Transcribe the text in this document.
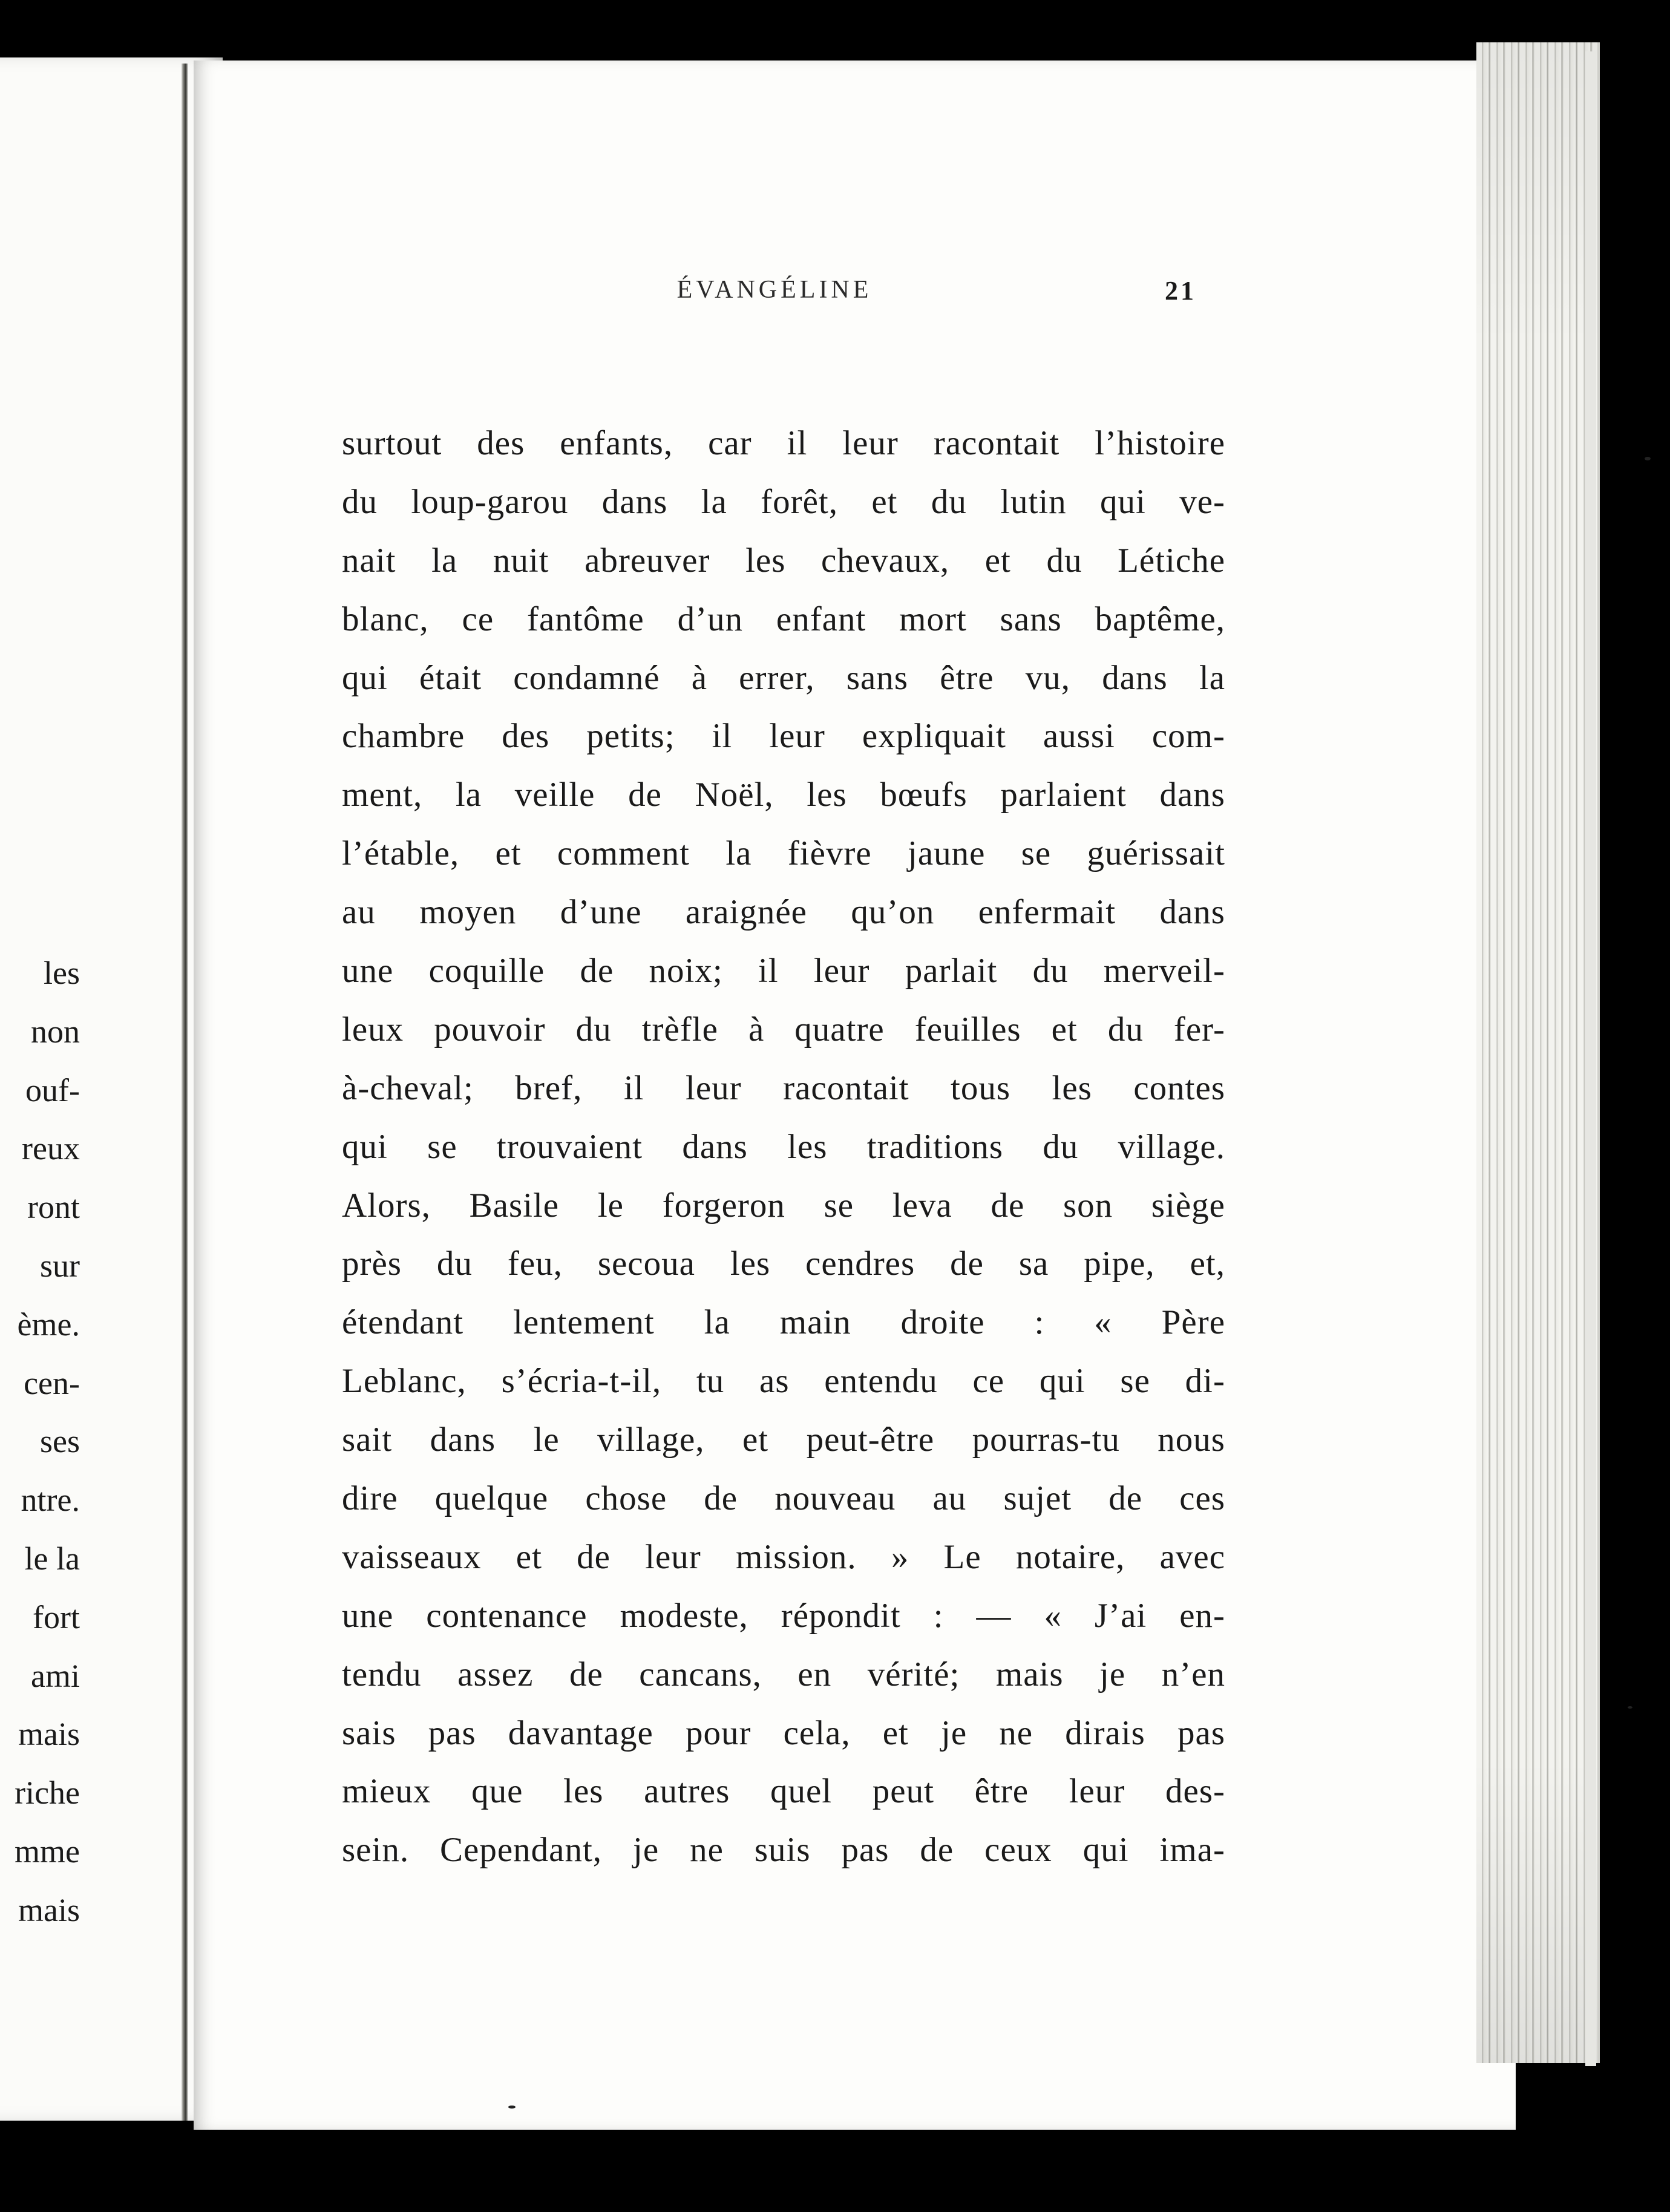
les
non
ouf-
reux
ront
sur
ème.
cen-
ses
ntre.
le la
fort
ami
mais
riche
mme
mais
ÉVANGÉLINE	21
surtout des enfants, car il leur racontait l’histoire
du loup-garou dans la forêt, et du lutin qui ve-
nait la nuit abreuver les chevaux, et du Létiche
blanc, ce fantôme d’un enfant mort sans baptême,
qui était condamné à errer, sans être vu, dans la
chambre des petits; il leur expliquait aussi com-
ment, la veille de Noël, les bœufs parlaient dans
l’étable, et comment la fièvre jaune se guérissait
au moyen d’une araignée qu’on enfermait dans
une coquille de noix; il leur parlait du merveil-
leux pouvoir du trèfle à quatre feuilles et du fer-
à-cheval; bref, il leur racontait tous les contes
qui se trouvaient dans les traditions du village.
Alors, Basile le forgeron se leva de son siège
près du feu, secoua les cendres de sa pipe, et,
étendant lentement la main droite : « Père
Leblanc, s’écria-t-il, tu as entendu ce qui se di-
sait dans le village, et peut-être pourras-tu nous
dire quelque chose de nouveau au sujet de ces
vaisseaux et de leur mission. » Le notaire, avec
une contenance modeste, répondit : — « J’ai en-
tendu assez de cancans, en vérité; mais je n’en
sais pas davantage pour cela, et je ne dirais pas
mieux que les autres quel peut être leur des-
sein. Cependant, je ne suis pas de ceux qui ima-
